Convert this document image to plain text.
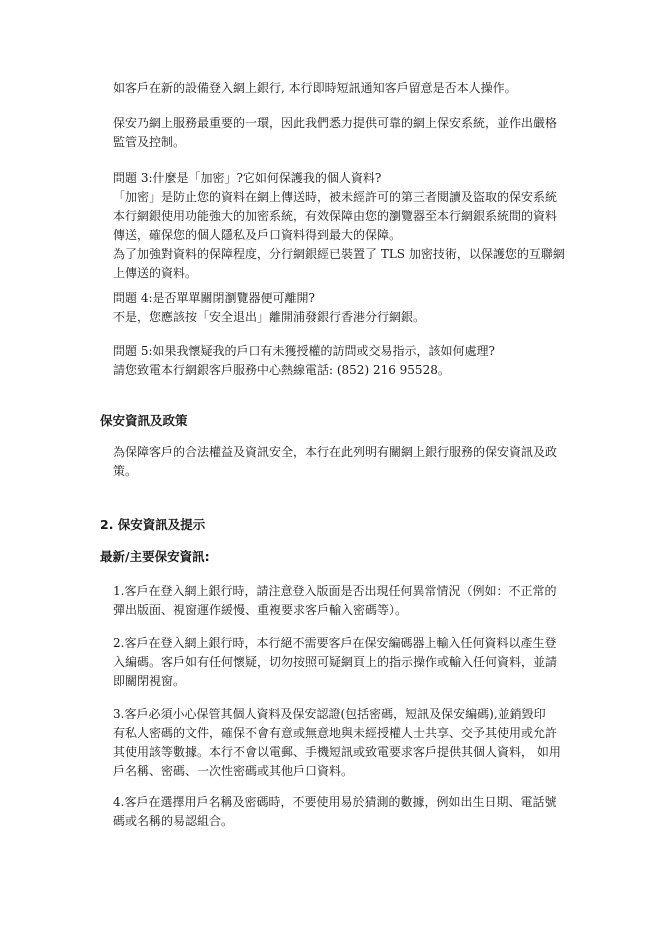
如客戶在新的設備登入網上銀行, 本行即時短訊通知客戶留意是否本人操作。
保安乃網上服務最重要的一環，因此我們悉力提供可靠的網上保安系統，並作出嚴格
監管及控制。
問題 3:什麼是「加密」?它如何保護我的個人資料?
「加密」是防止您的資料在網上傳送時，被未經許可的第三者閱讀及盜取的保安系統
本行網銀使用功能強大的加密系統，有效保障由您的瀏覽器至本行網銀系統間的資料
傳送，確保您的個人隱私及戶口資料得到最大的保障。
為了加強對資料的保障程度，分行網銀經已裝置了 TLS 加密技術，以保護您的互聯網
上傳送的資料。
問題 4:是否單單關閉瀏覽器便可離開?
不是，您應該按「安全退出」離開浦發銀行香港分行網銀。
問題 5:如果我懷疑我的戶口有未獲授權的訪問或交易指示，該如何處理?
請您致電本行網銀客戶服務中心熱線電話: (852) 216 95528。
保安資訊及政策
為保障客戶的合法權益及資訊安全，本行在此列明有關網上銀行服務的保安資訊及政
策。
2. 保安資訊及提示
最新/主要保安資訊:
1.客戶在登入網上銀行時，請注意登入版面是否出現任何異常情況（例如：不正常的
彈出版面、視窗運作緩慢、重複要求客戶輸入密碼等）。
2.客戶在登入網上銀行時，本行絕不需要客戶在保安編碼器上輸入任何資料以產生登
入編碼。客戶如有任何懷疑，切勿按照可疑網頁上的指示操作或輸入任何資料，並請
即關閉視窗。
3.客戶必須小心保管其個人資料及保安認證(包括密碼，短訊及保安編碼),並銷毀印
有私人密碼的文件，確保不會有意或無意地與未經授權人士共享、交予其使用或允許
其使用該等數據。本行不會以電郵、手機短訊或致電要求客戶提供其個人資料， 如用
戶名稱、密碼、一次性密碼或其他戶口資料。
4.客戶在選擇用戶名稱及密碼時，不要使用易於猜測的數據，例如出生日期、電話號
碼或名稱的易認組合。
